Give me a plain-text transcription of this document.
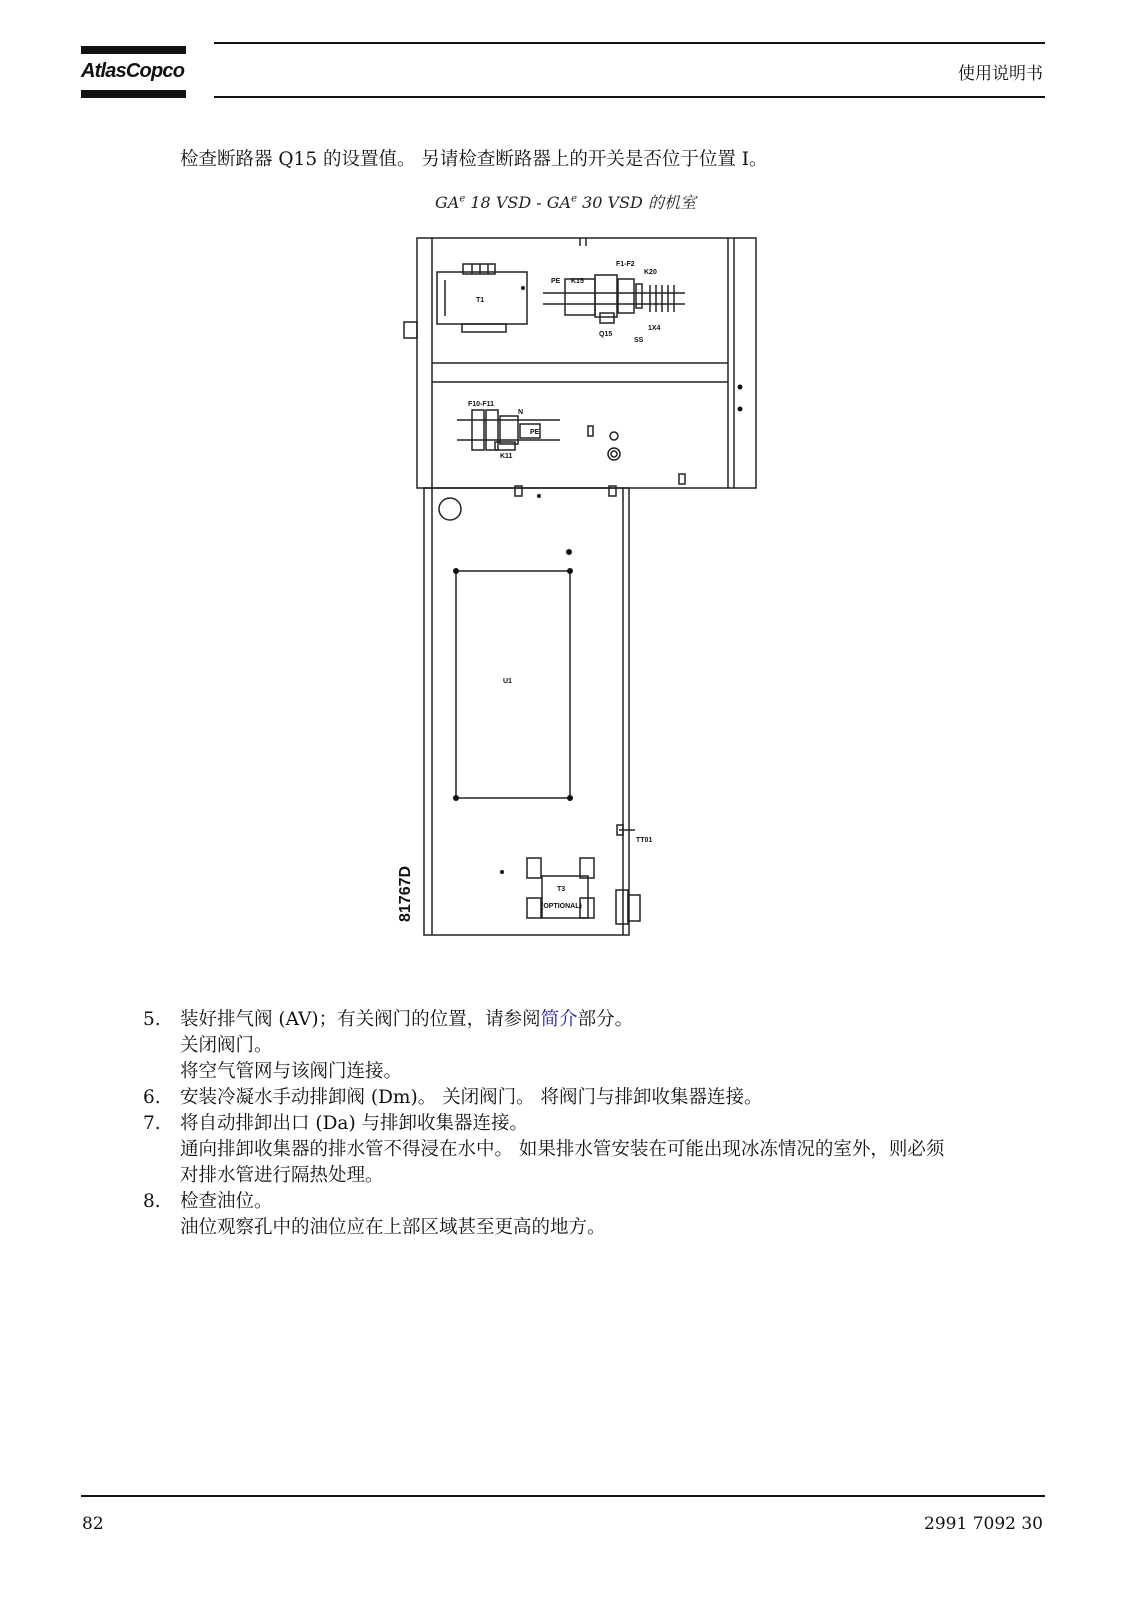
AtlasCopco	使用说明书
检查断路器 Q15 的设置值。 另请检查断路器上的开关是否位于位置 I。
$GA^e$ 18 VSD - $GA^e$ 30 VSD 的机室
T1
PE K15
F1-F2
K20
Q15
SS
1X4
F10-F11
N
PE
K11
U1
TT01
T3
(OPTIONAL)
81767D
5. 装好排气阀 (AV)；有关阀门的位置，请参阅简介部分。
关闭阀门。
将空气管网与该阀门连接。
6. 安装冷凝水手动排卸阀 (Dm)。 关闭阀门。 将阀门与排卸收集器连接。
7. 将自动排卸出口 (Da) 与排卸收集器连接。
通向排卸收集器的排水管不得浸在水中。 如果排水管安装在可能出现冰冻情况的室外，则必须
对排水管进行隔热处理。
8. 检查油位。
油位观察孔中的油位应在上部区域甚至更高的地方。
82	2991 7092 30
